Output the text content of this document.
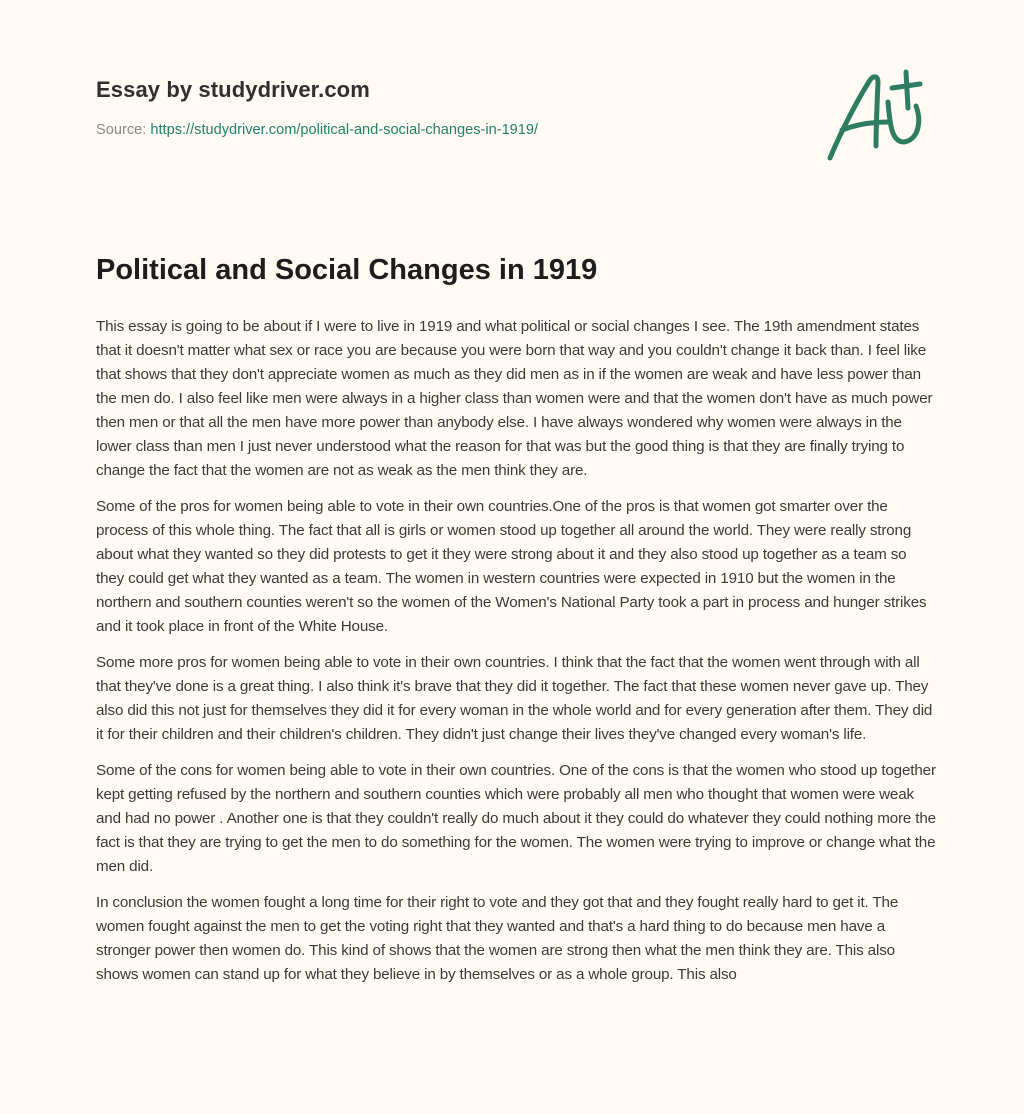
Essay by studydriver.com
Source: https://studydriver.com/political-and-social-changes-in-1919/
Political and Social Changes in 1919

This essay is going to be about if I were to live in 1919 and what political or social changes I see. The 19th amendment states that it doesn't matter what sex or race you are because you were born that way and you couldn't change it back than. I feel like that shows that they don't appreciate women as much as they did men as in if the women are weak and have less power than the men do. I also feel like men were always in a higher class than women were and that the women don't have as much power then men or that all the men have more power than anybody else. I have always wondered why women were always in the lower class than men I just never understood what the reason for that was but the good thing is that they are finally trying to change the fact that the women are not as weak as the men think they are.

Some of the pros for women being able to vote in their own countries.One of the pros is that women got smarter over the process of this whole thing. The fact that all is girls or women stood up together all around the world. They were really strong about what they wanted so they did protests to get it they were strong about it and they also stood up together as a team so they could get what they wanted as a team. The women in western countries were expected in 1910 but the women in the northern and southern counties weren't so the women of the Women's National Party took a part in process and hunger strikes and it took place in front of the White House.

Some more pros for women being able to vote in their own countries. I think that the fact that the women went through with all that they've done is a great thing. I also think it's brave that they did it together. The fact that these women never gave up. They also did this not just for themselves they did it for every woman in the whole world and for every generation after them. They did it for their children and their children's children. They didn't just change their lives they've changed every woman's life.

Some of the cons for women being able to vote in their own countries. One of the cons is that the women who stood up together kept getting refused by the northern and southern counties which were probably all men who thought that women were weak and had no power . Another one is that they couldn't really do much about it they could do whatever they could nothing more the fact is that they are trying to get the men to do something for the women. The women were trying to improve or change what the men did.

In conclusion the women fought a long time for their right to vote and they got that and they fought really hard to get it. The women fought against the men to get the voting right that they wanted and that's a hard thing to do because men have a stronger power then women do. This kind of shows that the women are strong then what the men think they are. This also shows women can stand up for what they believe in by themselves or as a whole group. This also
